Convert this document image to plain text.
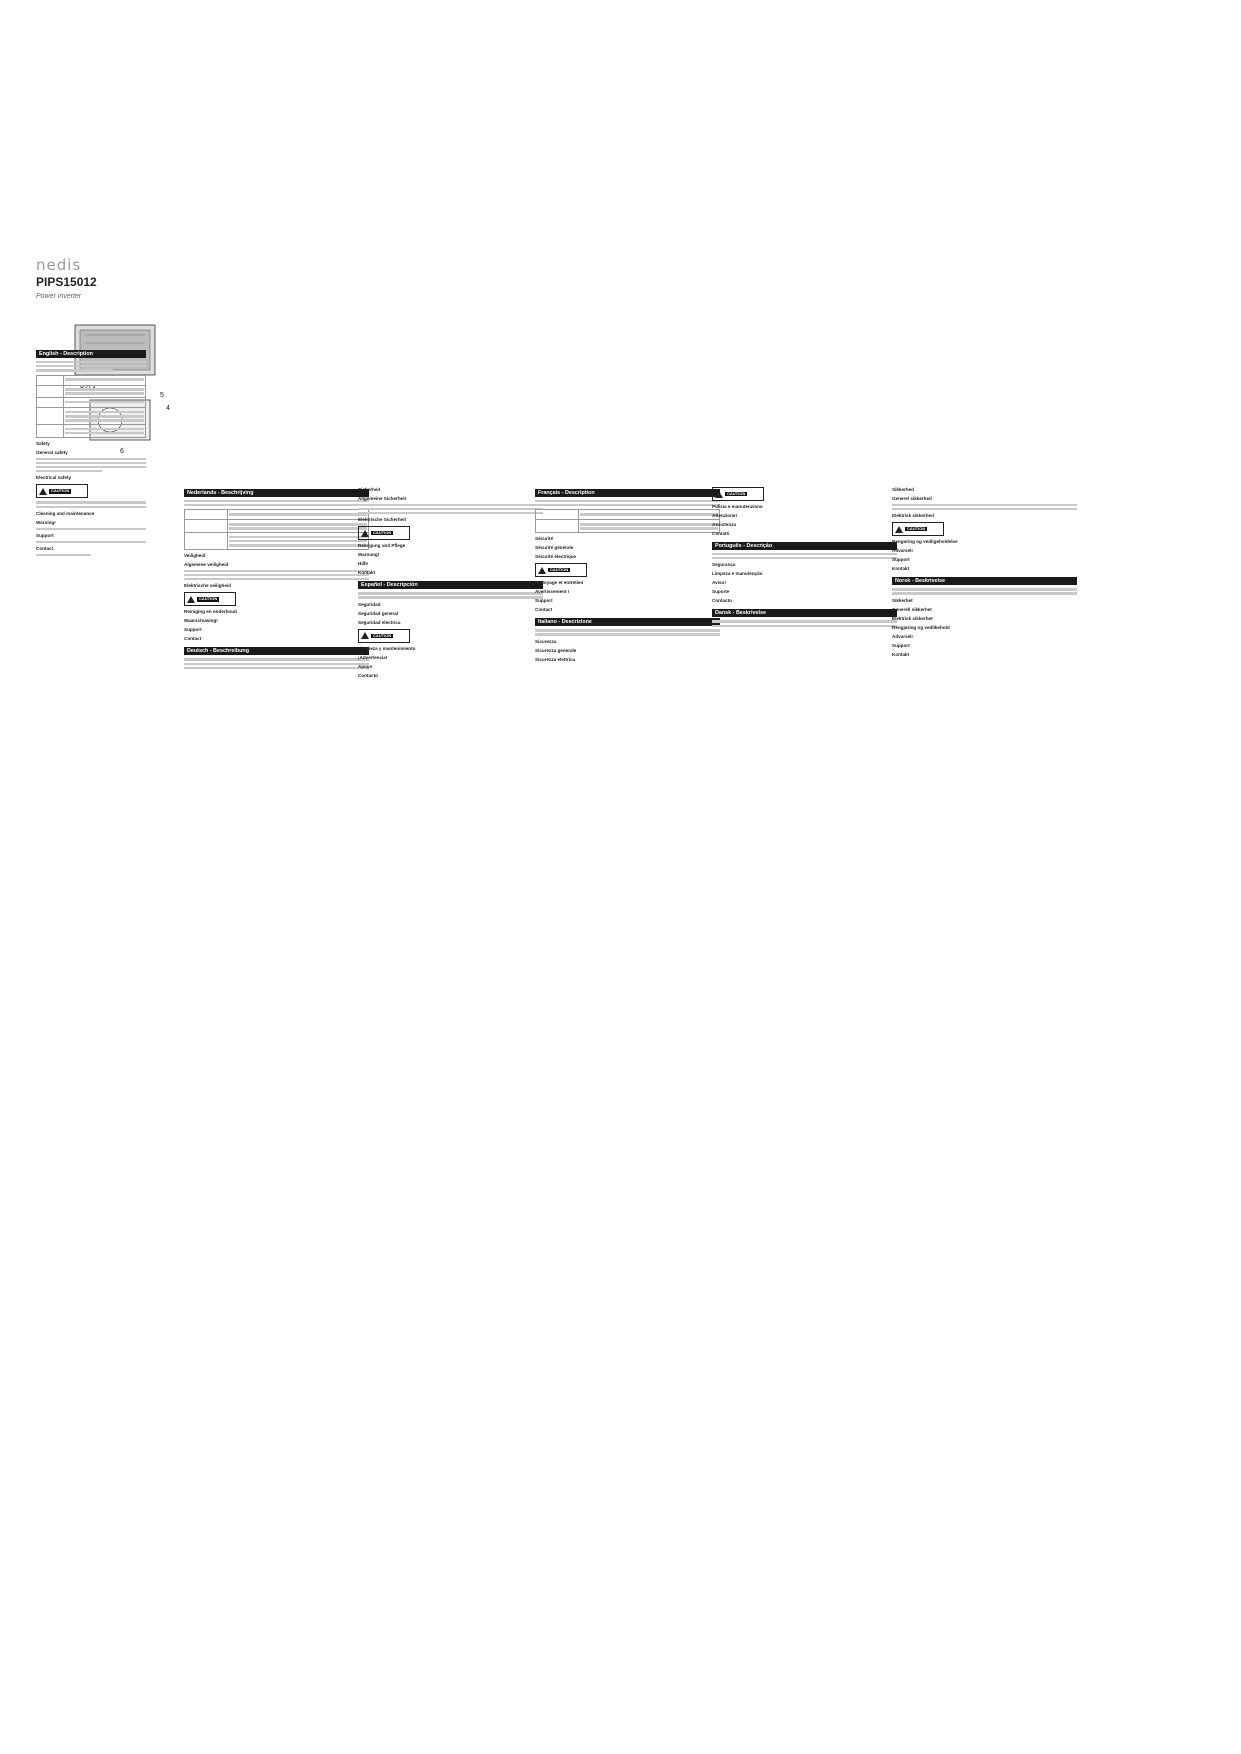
nedis
PIPS15012
Power inverter
5
4
6
English - Description
Safety
General safety
Electrical safety
CAUTION
Cleaning and maintenance
Warning!
Support
Contact
Nederlands - Beschrijving
Veiligheid
Algemene veiligheid
Elektrische veiligheid
CAUTION
Reiniging en onderhoud
Waarschuwing!
Support
Contact
Deutsch - Beschreibung
Sicherheit
Allgemeine Sicherheit
Elektrische Sicherheit
CAUTION
Reinigung und Pflege
Warnung!
Hilfe
Kontakt
Español - Descripción
Seguridad
Seguridad general
Seguridad eléctrica
CAUTION
Limpieza y mantenimiento
¡Advertencia!
Apoyo
Contacto
Français - Description
Sécurité
Sécurité générale
Sécurité électrique
CAUTION
Nettoyage et entretien
Avertissement !
Support
Contact
Italiano - Descrizione
Sicurezza
Sicurezza generale
Sicurezza elettrica
CAUTION
Pulizia e manutenzione
Attenzione!
Assistenza
Contatti
Português - Descrição
Segurança
Limpeza e manutenção
Aviso!
Suporte
Contacto
Dansk - Beskrivelse
Sikkerhed
Generel sikkerhed
Elektrisk sikkerhed
CAUTION
Rengøring og vedligeholdelse
Advarsel!
Support
Kontakt
Norsk - Beskrivelse
Sikkerhet
Generell sikkerhet
Elektrisk sikkerhet
Rengjøring og vedlikehold
Advarsel!
Support
Kontakt
